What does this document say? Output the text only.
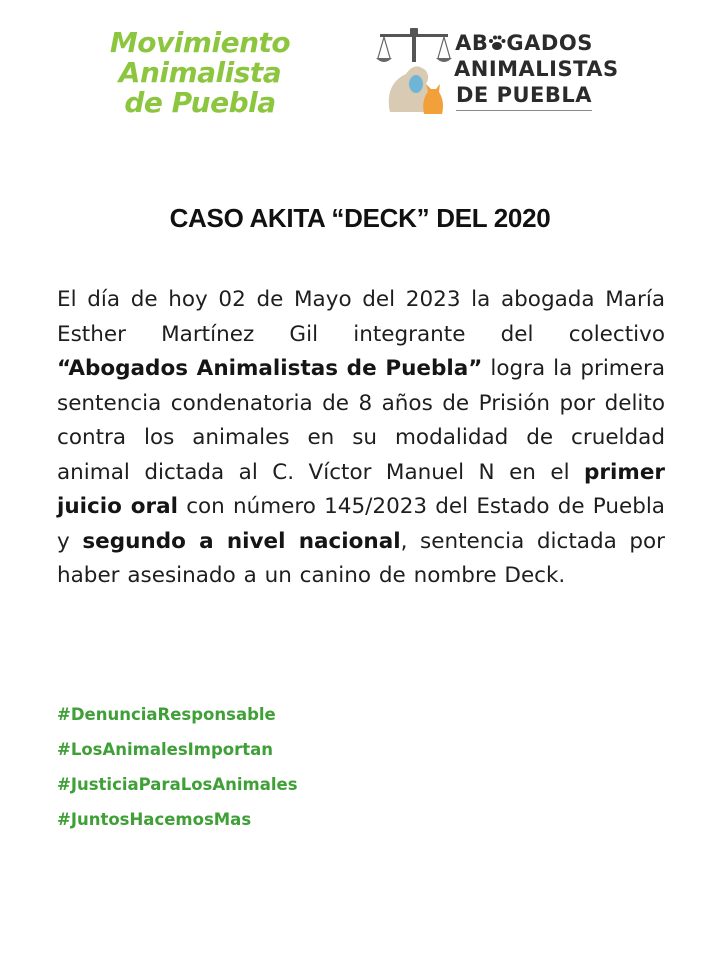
Movimiento
Animalista
de Puebla
AB GADOS
ANIMALISTAS
DE PUEBLA
CASO AKITA “DECK” DEL 2020
El día de hoy 02 de Mayo del 2023 la abogada María Esther Martínez Gil integrante del colectivo “Abogados Animalistas de Puebla” logra la primera sentencia condenatoria de 8 años de Prisión por delito contra los animales en su modalidad de crueldad animal dictada al C. Víctor Manuel N en el primer juicio oral con número 145/2023 del Estado de Puebla y segundo a nivel nacional, sentencia dictada por haber asesinado a un canino de nombre Deck.
#DenunciaResponsable
#LosAnimalesImportan
#JusticiaParaLosAnimales
#JuntosHacemosMas
